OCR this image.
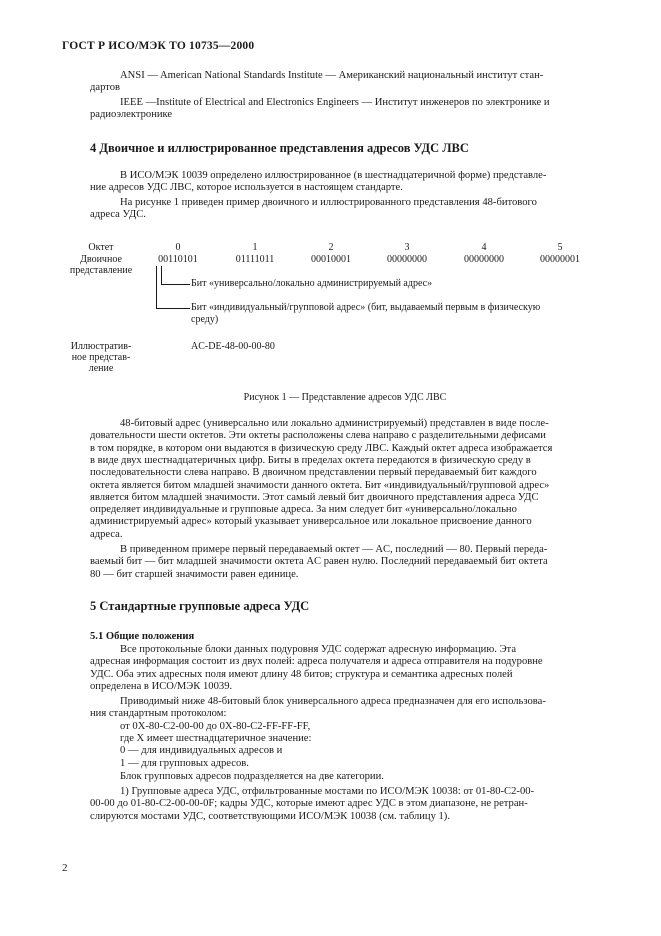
ГОСТ Р ИСО/МЭК ТО 10735—2000
ANSI — American National Standards Institute — Американский национальный институт стан-
дартов
IEEE —Institute of Electrical and Electronics Engineers — Институт инженеров по электронике и
радиоэлектронике
4 Двоичное и иллюстрированное представления адресов УДС ЛВС
В ИСО/МЭК 10039 определено иллюстрированное (в шестнадцатеричной форме) представле-
ние адресов УДС ЛВС, которое используется в настоящем стандарте.
На рисунке 1 приведен пример двоичного и иллюстрированного представления 48-битового
адреса УДС.
Октет
Двоичное
представление
0	1	2	3	4	5
00110101	01111011	00010001	00000000	00000000	00000001
Бит «универсально/локально администрируемый адрес»
Бит «индивидуальный/групповой адрес» (бит, выдаваемый первым в физическую
среду)
Иллюстратив-
ное представ-
ление
AC-DE-48-00-00-80
Рисунок 1 — Представление адресов УДС ЛВС
48-битовый адрес (универсально или локально администрируемый) представлен в виде после-
довательности шести октетов. Эти октеты расположены слева направо с разделительными дефисами
в том порядке, в котором они выдаются в физическую среду ЛВС. Каждый октет адреса изображается
в виде двух шестнадцатеричных цифр. Биты в пределах октета передаются в физическую среду в
последовательности слева направо. В двоичном представлении первый передаваемый бит каждого
октета является битом младшей значимости данного октета. Бит «индивидуальный/групповой адрес»
является битом младшей значимости. Этот самый левый бит двоичного представления адреса УДС
определяет индивидуальные и групповые адреса. За ним следует бит «универсально/локально
администрируемый адрес» который указывает универсальное или локальное присвоение данного
адреса.
В приведенном примере первый передаваемый октет — AC, последний — 80. Первый переда-
ваемый бит — бит младшей значимости октета AC равен нулю. Последний передаваемый бит октета
80 — бит старшей значимости равен единице.
5 Стандартные групповые адреса УДС
5.1 Общие положения
Все протокольные блоки данных подуровня УДС содержат адресную информацию. Эта
адресная информация состоит из двух полей: адреса получателя и адреса отправителя на подуровне
УДС. Оба этих адресных поля имеют длину 48 битов; структура и семантика адресных полей
определена в ИСО/МЭК 10039.
Приводимый ниже 48-битовый блок универсального адреса предназначен для его использова-
ния стандартным протоколом:
от 0X-80-C2-00-00 до 0X-80-C2-FF-FF-FF,
где X имеет шестнадцатеричное значение:
0 — для индивидуальных адресов и
1 — для групповых адресов.
Блок групповых адресов подразделяется на две категории.
1) Групповые адреса УДС, отфильтрованные мостами по ИСО/МЭК 10038: от 01-80-C2-00-
00-00 до 01-80-C2-00-00-0F; кадры УДС, которые имеют адрес УДС в этом диапазоне, не ретран-
слируются мостами УДС, соответствующими ИСО/МЭК 10038 (см. таблицу 1).
2
